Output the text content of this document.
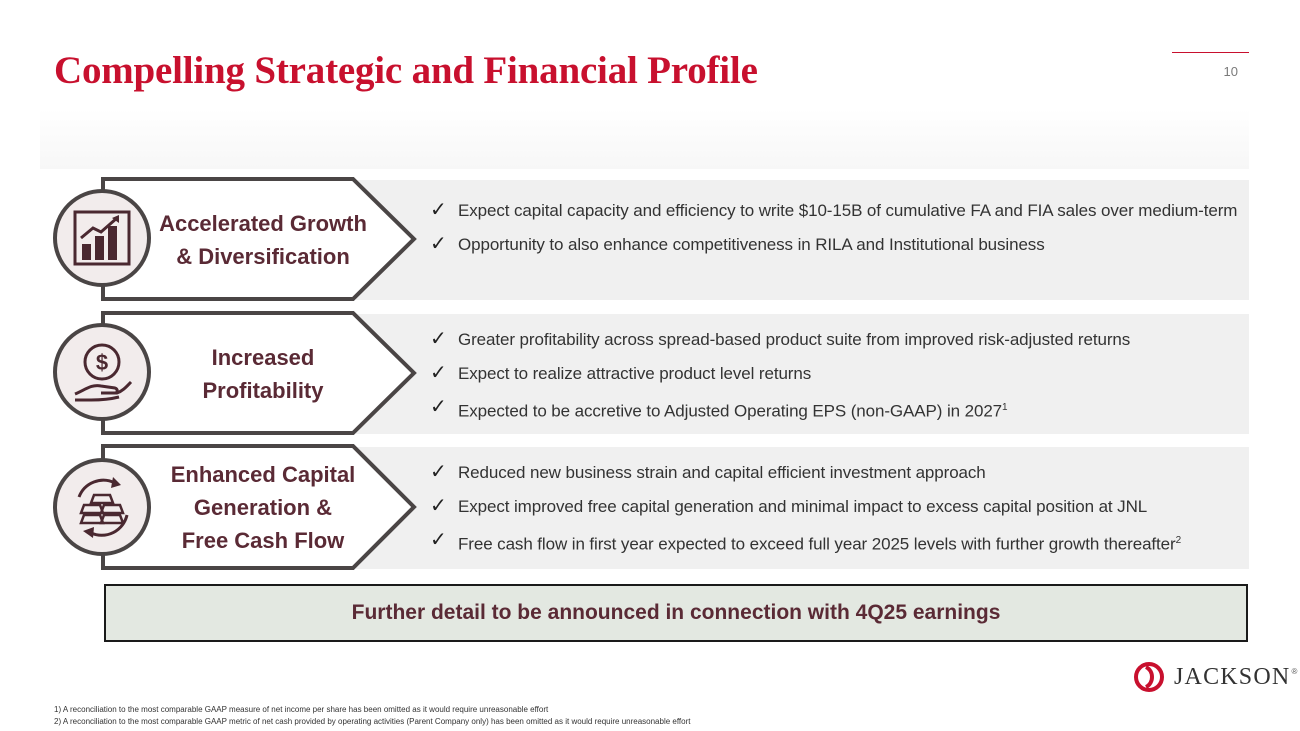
Compelling Strategic and Financial Profile	10
Accelerated Growth
& Diversification
✓ Expect capital capacity and efficiency to write $10-15B of cumulative FA and FIA sales over medium-term
✓ Opportunity to also enhance competitiveness in RILA and Institutional business
$	Increased
Profitability
✓ Greater profitability across spread-based product suite from improved risk-adjusted returns
✓ Expect to realize attractive product level returns
✓ Expected to be accretive to Adjusted Operating EPS (non-GAAP) in 2027$^1$
Enhanced Capital
Generation &
Free Cash Flow
✓ Reduced new business strain and capital efficient investment approach
✓ Expect improved free capital generation and minimal impact to excess capital position at JNL
✓ Free cash flow in first year expected to exceed full year 2025 levels with further growth thereafter$^2$
Further detail to be announced in connection with 4Q25 earnings
JACKSON ®
1) A reconciliation to the most comparable GAAP measure of net income per share has been omitted as it would require unreasonable effort
2) A reconciliation to the most comparable GAAP metric of net cash provided by operating activities (Parent Company only) has been omitted as it would require unreasonable effort
